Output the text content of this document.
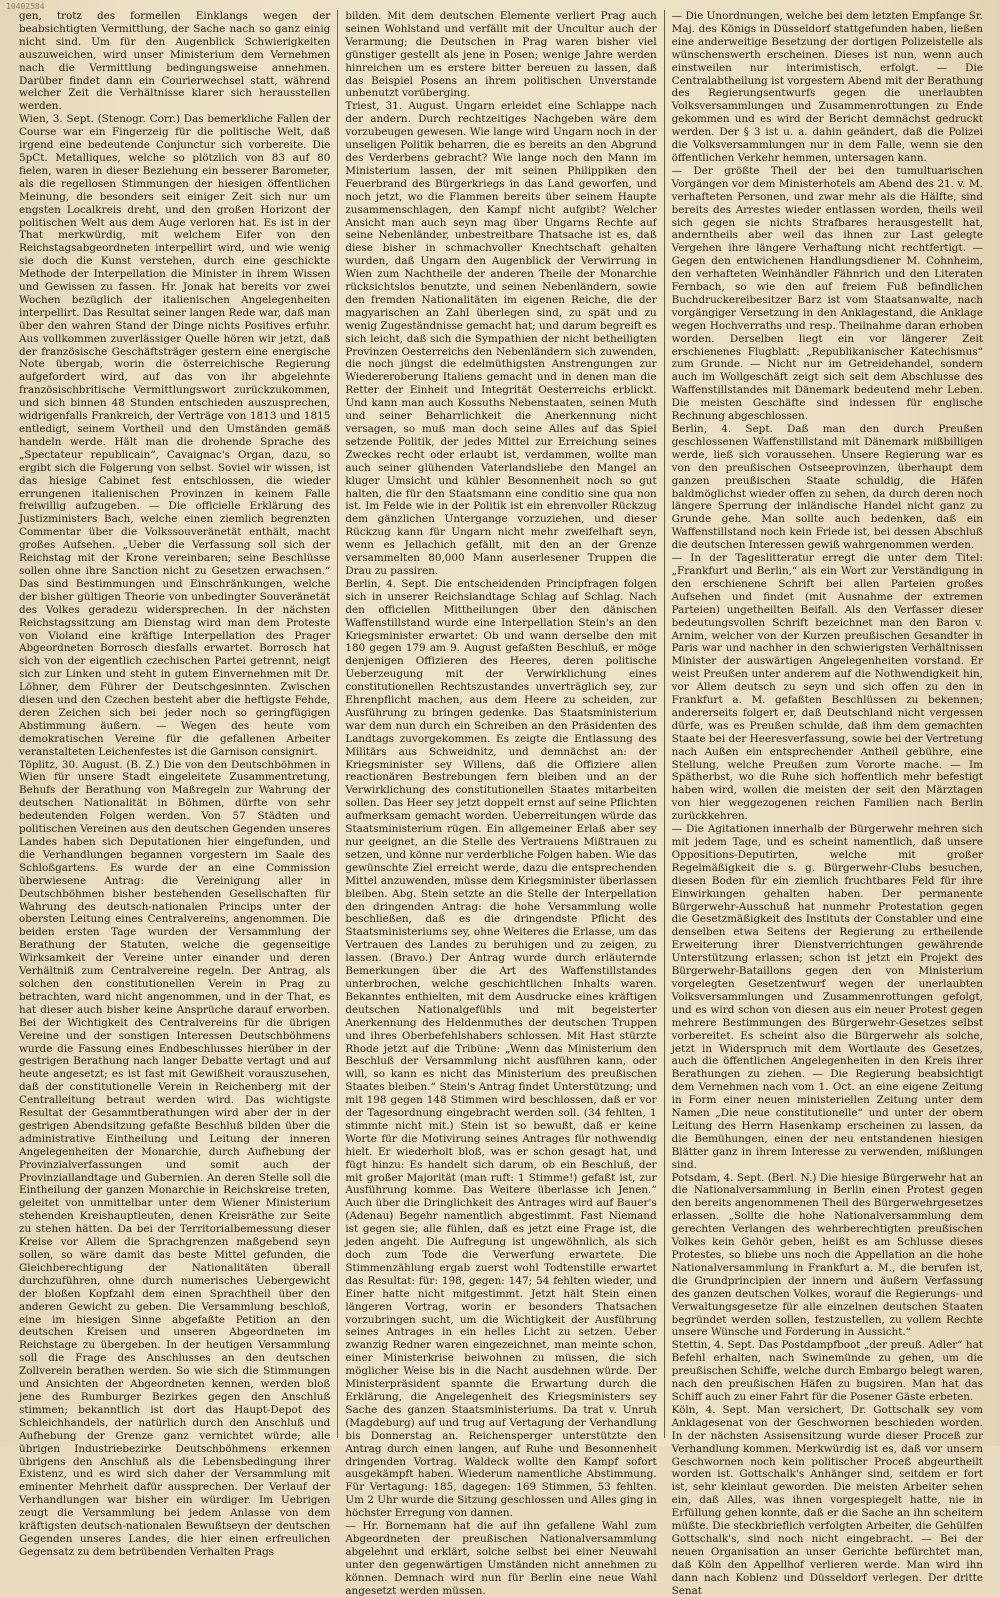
10402584

gen, trotz des formellen Einklangs wegen der beabsichtigten Vermittlung, der Sache nach so ganz einig nicht sind. Um für den Augenblick Schwierigkeiten auszuweichen, wird unser Ministerium dem Vernehmen nach die Vermittlung bedingungsweise annehmen. Darüber findet dann ein Courierwechsel statt, während welcher Zeit die Verhältnisse klarer sich herausstellen werden.

Wien, 3. Sept. (Stenogr. Corr.) Das bemerkliche Fallen der Course war ein Fingerzeig für die politische Welt, daß irgend eine bedeutende Conjunctur sich vorbereite. Die 5pCt. Metalliques, welche so plötzlich von 83 auf 80 fielen, waren in dieser Beziehung ein besserer Barometer, als die regellosen Stimmungen der hiesigen öffentlichen Meinung, die besonders seit einiger Zeit sich nur um engsten Localkreis dreht, und den großen Horizont der politischen Welt aus dem Auge verloren hat. Es ist in der That merkwürdig, mit welchem Eifer von den Reichstagsabgeordneten interpellirt wird, und wie wenig sie doch die Kunst verstehen, durch eine geschickte Methode der Interpellation die Minister in ihrem Wissen und Gewissen zu fassen. Hr. Jonak hat bereits vor zwei Wochen bezüglich der italienischen Angelegenheiten interpellirt. Das Resultat seiner langen Rede war, daß man über den wahren Stand der Dinge nichts Positives erfuhr. Aus vollkommen zuverlässiger Quelle hören wir jetzt, daß der französische Geschäftsträger gestern eine energische Note übergab, worin die österreichische Regierung aufgefordert wird, auf das von ihr abgelehnte französischbritische Vermittlungswort zurückzukommen, und sich binnen 48 Stunden entschieden auszusprechen, widrigenfalls Frankreich, der Verträge von 1813 und 1815 entledigt, seinem Vortheil und den Umständen gemäß handeln werde. Hält man die drohende Sprache des „Spectateur republicain“, Cavaignac's Organ, dazu, so ergibt sich die Folgerung von selbst. Soviel wir wissen, ist das hiesige Cabinet fest entschlossen, die wieder errungenen italienischen Provinzen in keinem Falle freiwillig aufzugeben. — Die officielle Erklärung des Justizministers Bach, welche einen ziemlich begrenzten Commentar über die Volkssouveränetät enthält, macht großes Aufsehen. „Ueber die Verfassung soll sich der Reichstag mit der Krone vereinbaren; seine Beschlüsse sollen ohne ihre Sanction nicht zu Gesetzen erwachsen.“ Das sind Bestimmungen und Einschränkungen, welche der bisher gültigen Theorie von unbedingter Souveränetät des Volkes geradezu widersprechen. In der nächsten Reichstagssitzung am Dienstag wird man dem Proteste von Violand eine kräftige Interpellation des Prager Abgeordneten Borrosch diesfalls erwartet. Borrosch hat sich von der eigentlich czechischen Partei getrennt, neigt sich zur Linken und steht in gutem Einvernehmen mit Dr. Löhner, dem Führer der Deutschgesinnten. Zwischen diesen und den Czechen besteht aber die heftigste Fehde, deren Zeichen sich bei jeder noch so geringfügigen Abstimmung äußern. — Wegen des heute vom demokratischen Vereine für die gefallenen Arbeiter veranstalteten Leichenfestes ist die Garnison consignirt.

Töplitz, 30. August. (B. Z.) Die von den Deutschböhmen in Wien für unsere Stadt eingeleitete Zusammentretung, Behufs der Berathung von Maßregeln zur Wahrung der deutschen Nationalität in Böhmen, dürfte von sehr bedeutenden Folgen werden. Von 57 Städten und politischen Vereinen aus den deutschen Gegenden unseres Landes haben sich Deputationen hier eingefunden, und die Verhandlungen begannen vorgestern im Saale des Schloßgartens. Es wurde der an eine Commission überwiesene Antrag: die Vereinigung aller in Deutschböhmen bisher bestehenden Gesellschaften für Wahrung des deutsch-nationalen Princips unter der obersten Leitung eines Centralvereins, angenommen. Die beiden ersten Tage wurden der Versammlung der Berathung der Statuten, welche die gegenseitige Wirksamkeit der Vereine unter einander und deren Verhältniß zum Centralvereine regeln. Der Antrag, als solchen den constitutionellen Verein in Prag zu betrachten, ward nicht angenommen, und in der That, es hat dieser auch bisher keine Ansprüche darauf erworben. Bei der Wichtigkeit des Centralvereins für die übrigen Vereine und der sonstigen Interessen Deutschböhmens wurde die Fassung eines Endbeschlusses hierüber in der gestrigen Berathung nach langer Debatte vertagt und auf heute angesetzt; es ist fast mit Gewißheit vorauszusehen, daß der constitutionelle Verein in Reichenberg mit der Centralleitung betraut werden wird. Das wichtigste Resultat der Gesammtberathungen wird aber der in der gestrigen Abendsitzung gefaßte Beschluß bilden über die administrative Eintheilung und Leitung der inneren Angelegenheiten der Monarchie, durch Aufhebung der Provinzialverfassungen und somit auch der Provinziallandtage und Gubernien. An deren Stelle soll die Eintheilung der ganzen Monarchie in Reichskreise treten, geleitet von unmittelbar unter dem Wiener Ministerium stehenden Kreishauptleuten, denen Kreisräthe zur Seite zu stehen hätten. Da bei der Territorialbemessung dieser Kreise vor Allem die Sprachgrenzen maßgebend seyn sollen, so wäre damit das beste Mittel gefunden, die Gleichberechtigung der Nationalitäten überall durchzuführen, ohne durch numerisches Uebergewicht der bloßen Kopfzahl dem einen Sprachtheil über den anderen Gewicht zu geben. Die Versammlung beschloß, eine im hiesigen Sinne abgefaßte Petition an den deutschen Kreisen und unseren Abgeordneten im Reichstage zu übergeben. In der heutigen Versammlung soll die Frage des Anschlusses an den deutschen Zollverein berathen werden. So wie sich die Stimmungen und Ansichten der Abgeordneten kennen, werden bloß jene des Rumburger Bezirkes gegen den Anschluß stimmen; bekanntlich ist dort das Haupt-Depot des Schleichhandels, der natürlich durch den Anschluß und Aufhebung der Grenze ganz vernichtet würde; alle übrigen Industriebezirke Deutschböhmens erkennen übrigens den Anschluß als die Lebensbedingung ihrer Existenz, und es wird sich daher der Versammlung mit eminenter Mehrheit dafür aussprechen. Der Verlauf der Verhandlungen war bisher ein würdiger. Im Uebrigen zeugt die Versammlung bei jedem Anlasse von dem kräftigsten deutsch-nationalen Bewußtseyn der deutschen Gegenden unseres Landes, die hier einen erfreulichen Gegensatz zu dem betrübenden Verhalten Prags

bilden. Mit dem deutschen Elemente verliert Prag auch seinen Wohlstand und verfällt mit der Uncultur auch der Verarmung; die Deutschen in Prag waren bisher viel günstiger gestellt als jene in Posen; wenige Jahre werden hinreichen um es erstere bitter bereuen zu lassen, daß das Beispiel Posens an ihrem politischen Unverstande unbenutzt vorüberging.

Triest, 31. August. Ungarn erleidet eine Schlappe nach der andern. Durch rechtzeitiges Nachgeben wäre dem vorzubeugen gewesen. Wie lange wird Ungarn noch in der unseligen Politik beharren, die es bereits an den Abgrund des Verderbens gebracht? Wie lange noch den Mann im Ministerium lassen, der mit seinen Philippiken den Feuerbrand des Bürgerkriegs in das Land geworfen, und noch jetzt, wo die Flammen bereits über seinem Haupte zusammenschlagen, den Kampf nicht aufgibt? Welcher Ansicht man auch seyn mag über Ungarns Rechte auf seine Nebenländer, unbestreitbare Thatsache ist es, daß diese bisher in schmachvoller Knechtschaft gehalten wurden, daß Ungarn den Augenblick der Verwirrung in Wien zum Nachtheile der anderen Theile der Monarchie rücksichtslos benutzte, und seinen Nebenländern, sowie den fremden Nationalitäten im eigenen Reiche, die der magyarischen an Zahl überlegen sind, zu spät und zu wenig Zugeständnisse gemacht hat; und darum begreift es sich leicht, daß sich die Sympathien der nicht betheiligten Provinzen Oesterreichs den Nebenländern sich zuwenden, die noch jüngst die edelmüthigsten Anstrengungen zur Wiedereroberung Italiens gemacht und in denen man die Retter der Einheit und Integrität Oesterreichs erblickt. Und kann man auch Kossuths Nebenstaaten, seinen Muth und seiner Beharrlichkeit die Anerkennung nicht versagen, so muß man doch seine Alles auf das Spiel setzende Politik, der jedes Mittel zur Erreichung seines Zweckes recht oder erlaubt ist, verdammen, wollte man auch seiner glühenden Vaterlandsliebe den Mangel an kluger Umsicht und kühler Besonnenheit noch so gut halten, die für den Staatsmann eine conditio sine qua non ist. Im Felde wie in der Politik ist ein ehrenvoller Rückzug dem gänzlichen Untergange vorzuziehen, und dieser Rückzug kann für Ungarn nicht mehr zweifelhaft seyn, wenn es Jellachich gefällt, mit den an der Grenze versammelten 80,000 Mann auserlesener Truppen die Drau zu passiren.

Berlin, 4. Sept. Die entscheidenden Principfragen folgen sich in unserer Reichslandtage Schlag auf Schlag. Nach den officiellen Mittheilungen über den dänischen Waffenstillstand wurde eine Interpellation Stein's an den Kriegsminister erwartet: Ob und wann derselbe den mit 180 gegen 179 am 9. August gefaßten Beschluß, er möge denjenigen Offizieren des Heeres, deren politische Ueberzeugung mit der Verwirklichung eines constitutionellen Rechtszustandes unverträglich sey, zur Ehrenpflicht machen, aus dem Heere zu scheiden, zur Ausführung zu bringen gedenke. Das Staatsministerium war dem nun durch ein Schreiben an den Präsidenten des Landtags zuvorgekommen. Es zeigte die Entlassung des Militärs aus Schweidnitz, und demnächst an: der Kriegsminister sey Willens, daß die Offiziere allen reactionären Bestrebungen fern bleiben und an der Verwirklichung des constitutionellen Staates mitarbeiten sollen. Das Heer sey jetzt doppelt ernst auf seine Pflichten aufmerksam gemacht worden. Ueberreitungen würde das Staatsministerium rügen. Ein allgemeiner Erlaß aber sey nur geeignet, an die Stelle des Vertrauens Mißtrauen zu setzen, und könne nur verderbliche Folgen haben. Wie das gewünschte Ziel erreicht werde, dazu die entsprechenden Mittel anzuwenden, müsse dem Kriegsminister überlassen bleiben. Abg. Stein setzte an die Stelle der Interpellation den dringenden Antrag: die hohe Versammlung wolle beschließen, daß es die dringendste Pflicht des Staatsministeriums sey, ohne Weiteres die Erlasse, um das Vertrauen des Landes zu beruhigen und zu zeigen, zu lassen. (Bravo.) Der Antrag wurde durch erläuternde Bemerkungen über die Art des Waffenstillstandes unterbrochen, welche geschichtlichen Inhalts waren. Bekanntes enthielten, mit dem Ausdrucke eines kräftigen deutschen Nationalgefühls und mit begeisterter Anerkennung des Heldenmuthes der deutschen Truppen und ihres Oberbefehlshabers schlossen. Mit Hast stürzte Rhode jetzt auf die Tribüne: „Wenn das Ministerium den Beschluß der Versammlung nicht ausführen kann, oder will, so kann es nicht das Ministerium des preußischen Staates bleiben.“ Stein's Antrag findet Unterstützung; und mit 198 gegen 148 Stimmen wird beschlossen, daß er vor der Tagesordnung eingebracht werden soll. (34 fehlten, 1 stimmte nicht mit.) Stein ist so bewußt, daß er keine Worte für die Motivirung seines Antrages für nothwendig hielt. Er wiederholt bloß, was er schon gesagt hat, und fügt hinzu: Es handelt sich darum, ob ein Beschluß, der mit großer Majorität (man ruft: 1 Stimme!) gefaßt ist, zur Ausführung komme. Das Weitere überlasse ich Jenen.“ Auch über die Dringlichkeit des Antrages wird auf Bauer's (Adenau) Begehr namentlich abgestimmt. Fast Niemand ist gegen sie; alle fühlen, daß es jetzt eine Frage ist, die jeden angeht. Die Aufregung ist ungewöhnlich, als sich doch zum Tode die Verwerfung erwartete. Die Stimmenzählung ergab zuerst wohl Todtenstille erwartet das Resultat: für: 198, gegen: 147; 54 fehlten wieder, und Einer hatte nicht mitgestimmt. Jetzt hält Stein einen längeren Vortrag, worin er besonders Thatsachen vorzubringen sucht, um die Wichtigkeit der Ausführung seines Antrages in ein helles Licht zu setzen. Ueber zwanzig Redner waren eingezeichnet, man meinte schon, einer Ministerkrise beiwohnen zu müssen, die sich möglicher Weise bis in die Nacht ausdehnen würde. Der Ministerpräsident spannte die Erwartung durch die Erklärung, die Angelegenheit des Kriegsministers sey Sache des ganzen Staatsministeriums. Da trat v. Unruh (Magdeburg) auf und trug auf Vertagung der Verhandlung bis Donnerstag an. Reichensperger unterstützte den Antrag durch einen langen, auf Ruhe und Besonnenheit dringenden Vortrag. Waldeck wollte den Kampf sofort ausgekämpft haben. Wiederum namentliche Abstimmung. Für Vertagung: 185, dagegen: 169 Stimmen, 53 fehlten. Um 2 Uhr wurde die Sitzung geschlossen und Alles ging in höchster Erregung von dannen.

— Hr. Bornemann hat die auf ihn gefallene Wahl zum Abgeordneten der preußischen Nationalversammlung abgelehnt und erklärt, solche selbst bei einer Neuwahl unter den gegenwärtigen Umständen nicht annehmen zu können. Demnach wird nun für Berlin eine neue Wahl angesetzt werden müssen.

— Die Unordnungen, welche bei dem letzten Empfange Sr. Maj. des Königs in Düsseldorf stattgefunden haben, ließen eine anderweitige Besetzung der dortigen Polizeistelle als wünschenswerth erscheinen. Dieses ist nun, wenn auch einstweilen nur interimistisch, erfolgt. — Die Centralabtheilung ist vorgestern Abend mit der Berathung des Regierungsentwurfs gegen die unerlaubten Volksversammlungen und Zusammenrottungen zu Ende gekommen und es wird der Bericht demnächst gedruckt werden. Der § 3 ist u. a. dahin geändert, daß die Polizei die Volksversammlungen nur in dem Falle, wenn sie den öffentlichen Verkehr hemmen, untersagen kann.

— Der größte Theil der bei den tumultuarischen Vorgängen vor dem Ministerhotels am Abend des 21. v. M. verhafteten Personen, und zwar mehr als die Hälfte, sind bereits des Arrestes wieder entlassen worden, theils weil sich gegen sie nichts Strafbares herausgestellt hat, anderntheils aber weil das ihnen zur Last gelegte Vergehen ihre längere Verhaftung nicht rechtfertigt. — Gegen den entwichenen Handlungsdiener M. Cohnheim, den verhafteten Weinhändler Fähnrich und den Literaten Fernbach, so wie den auf freiem Fuß befindlichen Buchdruckereibesitzer Barz ist vom Staatsanwalte, nach vorgängiger Versetzung in den Anklagestand, die Anklage wegen Hochverraths und resp. Theilnahme daran erhoben worden. Derselben liegt ein vor längerer Zeit erschienenes Flugblatt: „Republikanischer Katechismus“ zum Grunde. — Nicht nur im Getreidehandel, sondern auch im Wollgeschäft zeigt sich seit dem Abschlusse des Waffenstillstandes mit Dänemark bedeutend mehr Leben. Die meisten Geschäfte sind indessen für englische Rechnung abgeschlossen.

Berlin, 4. Sept. Daß man den durch Preußen geschlossenen Waffenstillstand mit Dänemark mißbilligen werde, ließ sich voraussehen. Unsere Regierung war es von den preußischen Ostseeprovinzen, überhaupt dem ganzen preußischen Staate schuldig, die Häfen baldmöglichst wieder offen zu sehen, da durch deren noch längere Sperrung der inländische Handel nicht ganz zu Grunde gehe. Man sollte auch bedenken, daß ein Waffenstillstand noch kein Friede ist, bei dessen Abschluß die deutschen Interessen gewiß wahrgenommen werden.

— In der Tageslitteratur erregt die unter dem Titel: „Frankfurt und Berlin,“ als ein Wort zur Verständigung in den erschienene Schrift bei allen Parteien großes Aufsehen und findet (mit Ausnahme der extremen Parteien) ungetheilten Beifall. Als den Verfasser dieser bedeutungsvollen Schrift bezeichnet man den Baron v. Arnim, welcher von der Kurzen preußischen Gesandter in Paris war und nachher in den schwierigsten Verhältnissen Minister der auswärtigen Angelegenheiten vorstand. Er weist Preußen unter anderem auf die Nothwendigkeit hin, vor Allem deutsch zu seyn und sich offen zu den in Frankfurt a. M. gefaßten Beschlüssen zu bekennen; andererseits folgert er, daß Deutschland nicht vergessen dürfe, was es Preußen schulde, daß ihm dem gemachten Staate bei der Heeresverfassung, sowie bei der Vertretung nach Außen ein entsprechender Antheil gebühre, eine Stellung, welche Preußen zum Vororte mache. — Im Spätherbst, wo die Ruhe sich hoffentlich mehr befestigt haben wird, wollen die meisten der seit den Märztagen von hier weggezogenen reichen Familien nach Berlin zurückkehren.

— Die Agitationen innerhalb der Bürgerwehr mehren sich mit jedem Tage, und es scheint namentlich, daß unsere Oppositions-Deputirten, welche mit großer Regelmäßigkeit die s. g. Bürgerwehr-Clubs besuchen, diesen Boden für ein ziemlich fruchtbares Feld für ihre Einwirkungen gehalten haben. Der permanente Bürgerwehr-Ausschuß hat nunmehr Protestation gegen die Gesetzmäßigkeit des Instituts der Constabler und eine denselben etwa Seitens der Regierung zu ertheilende Erweiterung ihrer Dienstverrichtungen gewährende Unterstützung erlassen; schon ist jetzt ein Projekt des Bürgerwehr-Bataillons gegen den von Ministerium vorgelegten Gesetzentwurf wegen der unerlaubten Volksversammlungen und Zusammenrottungen gefolgt, und es wird schon von diesen aus ein neuer Protest gegen mehrere Bestimmungen des Bürgerwehr-Gesetzes selbst vorbereitet. Es scheint also die Bürgerwehr als solche, jetzt in Widerspruch mit dem Wortlaute des Gesetzes, auch die öffentlichen Angelegenheiten in den Kreis ihrer Berathungen zu ziehen. — Die Regierung beabsichtigt dem Vernehmen nach vom 1. Oct. an eine eigene Zeitung in Form einer neuen ministeriellen Zeitung unter dem Namen „Die neue constitutionelle“ und unter der obern Leitung des Herrn Hasenkamp erscheinen zu lassen, da die Bemühungen, einen der neu entstandenen hiesigen Blätter ganz in ihrem Interesse zu verwenden, mißlungen sind.

Potsdam, 4. Sept. (Berl. N.) Die hiesige Bürgerwehr hat an die Nationalversammlung in Berlin einen Protest gegen den bereits angenommenen Theil des Bürgerwehrgesetzes erlassen. „Sollte die hohe Nationalversammlung dem gerechten Verlangen des wehrberechtigten preußischen Volkes kein Gehör geben, heißt es am Schlusse dieses Protestes, so bliebe uns noch die Appellation an die hohe Nationalversammlung in Frankfurt a. M., die berufen ist, die Grundprincipien der innern und äußern Verfassung des ganzen deutschen Volkes, worauf die Regierungs- und Verwaltungsgesetze für alle einzelnen deutschen Staaten begründet werden sollen, festzustellen, zu vollem Rechte unsere Wünsche und Forderung in Aussicht.“

Stettin, 4. Sept. Das Postdampfboot „der preuß. Adler“ hat Befehl erhalten, nach Swinemünde zu gehen, um die preußischen Schiffe, welche durch Embargo belegt waren, nach den preußischen Häfen zu bugsiren. Man hat das Schiff auch zu einer Fahrt für die Posener Gäste erbeten.

Köln, 4. Sept. Man versichert, Dr. Gottschalk sey vom Anklagesenat von der Geschwornen beschieden worden. In der nächsten Assisensitzung wurde dieser Proceß zur Verhandlung kommen. Merkwürdig ist es, daß vor unsern Geschwornen noch kein politischer Proceß abgeurtheilt worden ist. Gottschalk's Anhänger sind, seitdem er fort ist, sehr kleinlaut geworden. Die meisten Arbeiter sehen ein, daß Alles, was ihnen vorgespiegelt hatte, nie in Erfüllung gehen konnte, daß er die Sache an ihn scheitern müßte. Die steckbrieflich verfolgten Arbeiter, die Gehülfen Gottschalk's, sind noch nicht eingebracht. — Bei der neuen Organisation an unser Gerichte befürchtet man, daß Köln den Appellhof verlieren werde. Man wird ihn dann nach Koblenz und Düsseldorf verlegen. Der dritte Senat
